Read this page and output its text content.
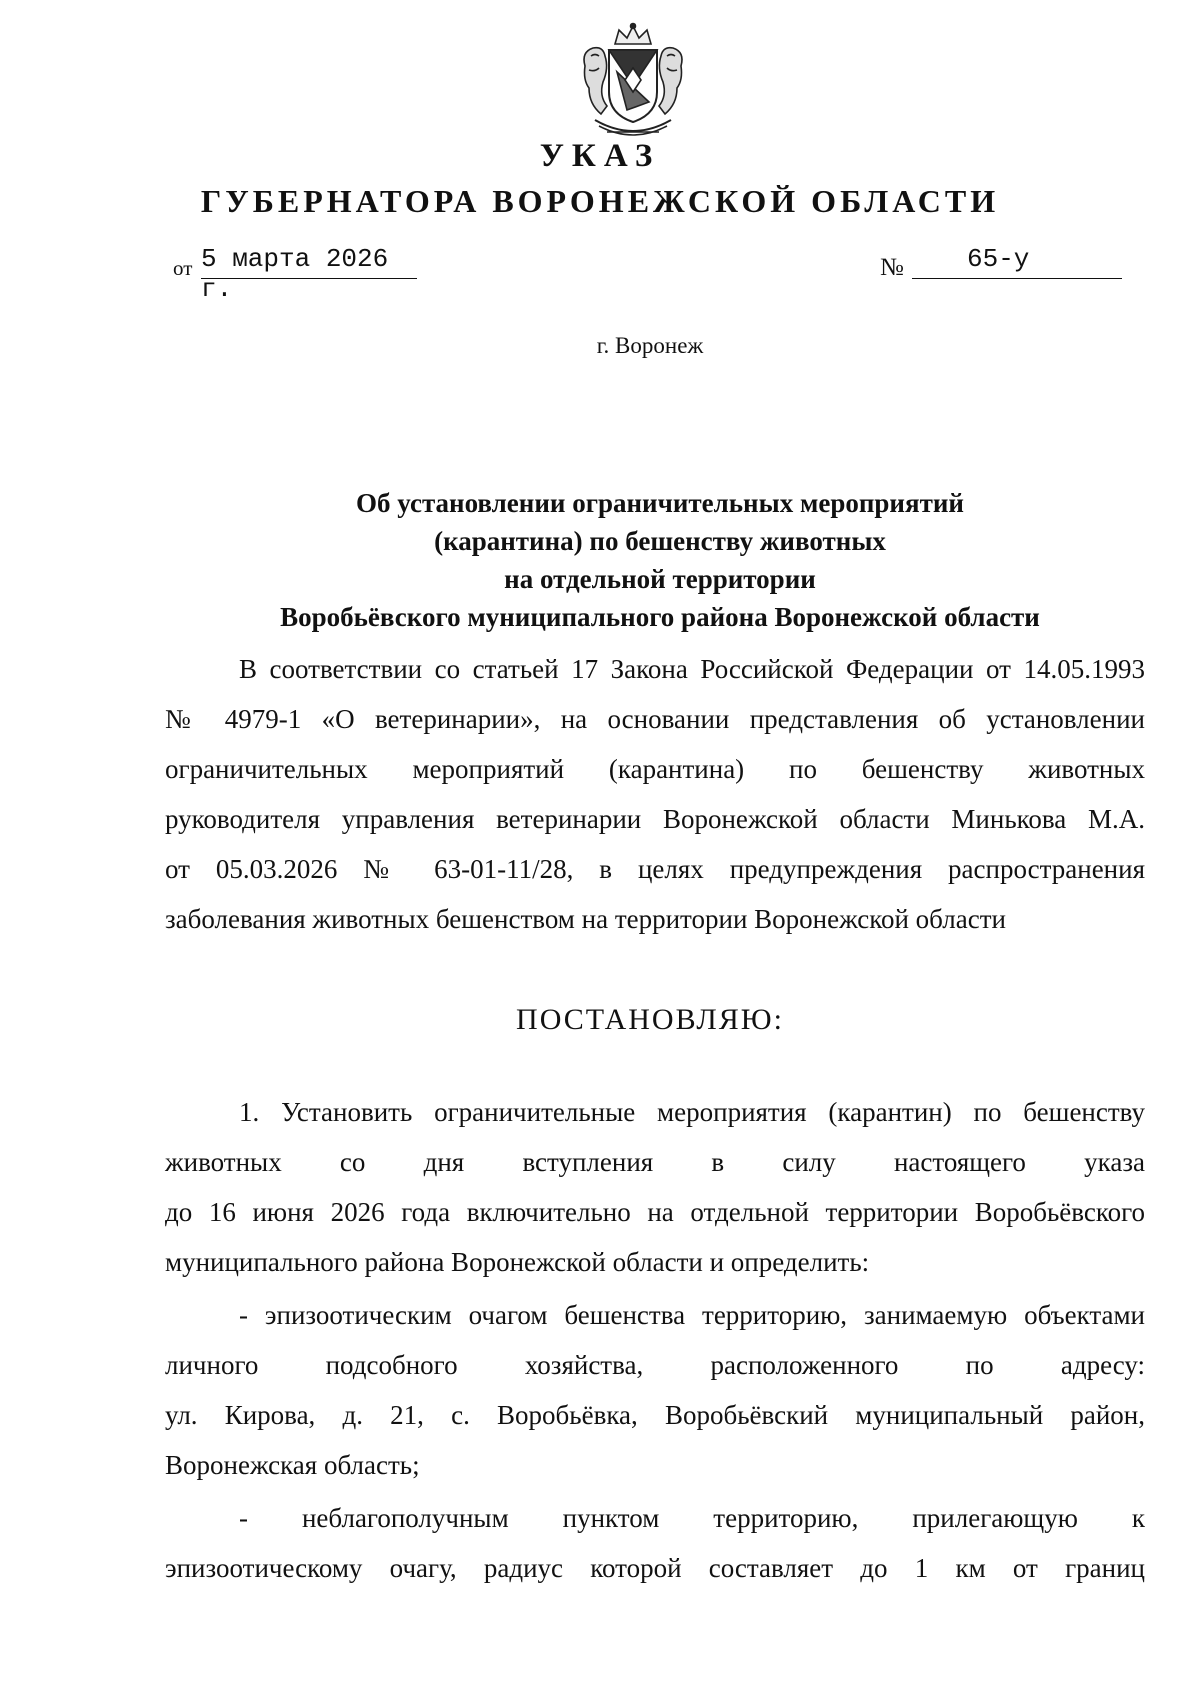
УКАЗ
ГУБЕРНАТОРА ВОРОНЕЖСКОЙ ОБЛАСТИ
от 5 марта 2026 г.
№	65-у
г. Воронеж
Об установлении ограничительных мероприятий
(карантина) по бешенству животных
на отдельной территории
Воробьёвского муниципального района Воронежской области
В соответствии со статьей 17 Закона Российской Федерации от 14.05.1993
№ 4979-1 «О ветеринарии», на основании представления об установлении
ограничительных мероприятий (карантина) по бешенству животных
руководителя управления ветеринарии Воронежской области Минькова М.А.
от 05.03.2026 № 63-01-11/28, в целях предупреждения распространения
заболевания животных бешенством на территории Воронежской области
ПОСТАНОВЛЯЮ:
1. Установить ограничительные мероприятия (карантин) по бешенству
животных со дня вступления в силу настоящего указа
до 16 июня 2026 года включительно на отдельной территории Воробьёвского
муниципального района Воронежской области и определить:
- эпизоотическим очагом бешенства территорию, занимаемую объектами
личного подсобного хозяйства, расположенного по адресу:
ул. Кирова, д. 21, с. Воробьёвка, Воробьёвский муниципальный район,
Воронежская область;
- неблагополучным пунктом территорию, прилегающую к
эпизоотическому очагу, радиус которой составляет до 1 км от границ
